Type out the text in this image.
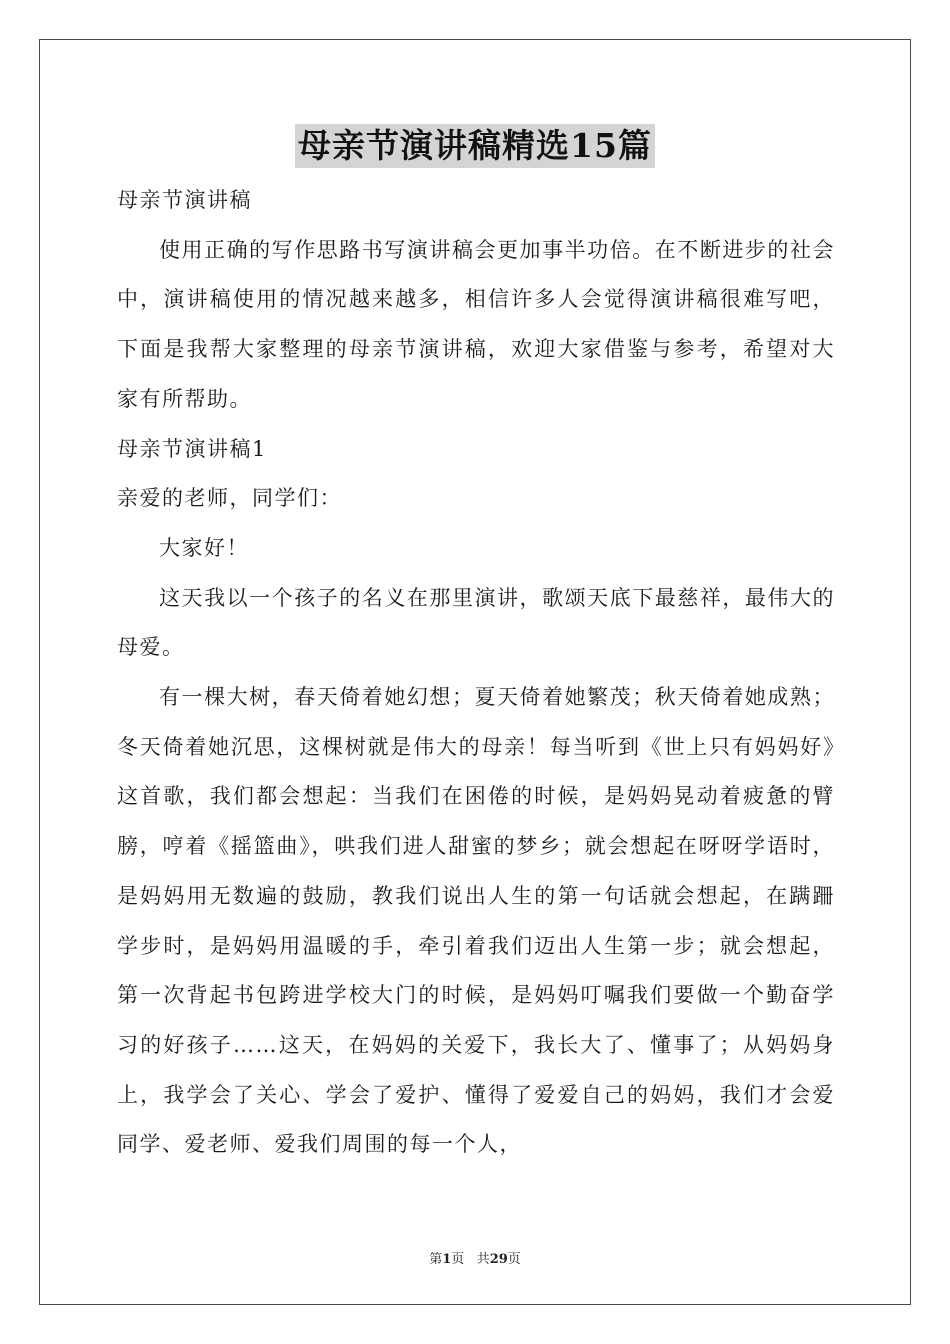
母亲节演讲稿精选15篇

母亲节演讲稿

使用正确的写作思路书写演讲稿会更加事半功倍。在不断进步的社会中，演讲稿使用的情况越来越多，相信许多人会觉得演讲稿很难写吧，下面是我帮大家整理的母亲节演讲稿，欢迎大家借鉴与参考，希望对大家有所帮助。

母亲节演讲稿1

亲爱的老师，同学们：

大家好！

这天我以一个孩子的名义在那里演讲，歌颂天底下最慈祥，最伟大的母爱。

有一棵大树，春天倚着她幻想；夏天倚着她繁茂；秋天倚着她成熟；冬天倚着她沉思，这棵树就是伟大的母亲！每当听到《世上只有妈妈好》这首歌，我们都会想起：当我们在困倦的时候，是妈妈晃动着疲惫的臂膀，哼着《摇篮曲》，哄我们进人甜蜜的梦乡；就会想起在呀呀学语时，是妈妈用无数遍的鼓励，教我们说出人生的第一句话就会想起，在蹒跚学步时，是妈妈用温暖的手，牵引着我们迈出人生第一步；就会想起，第一次背起书包跨进学校大门的时候，是妈妈叮嘱我们要做一个勤奋学习的好孩子……这天，在妈妈的关爱下，我长大了、懂事了；从妈妈身上，我学会了关心、学会了爱护、懂得了爱爱自己的妈妈，我们才会爱同学、爱老师、爱我们周围的每一个人，

第1页 共29页
